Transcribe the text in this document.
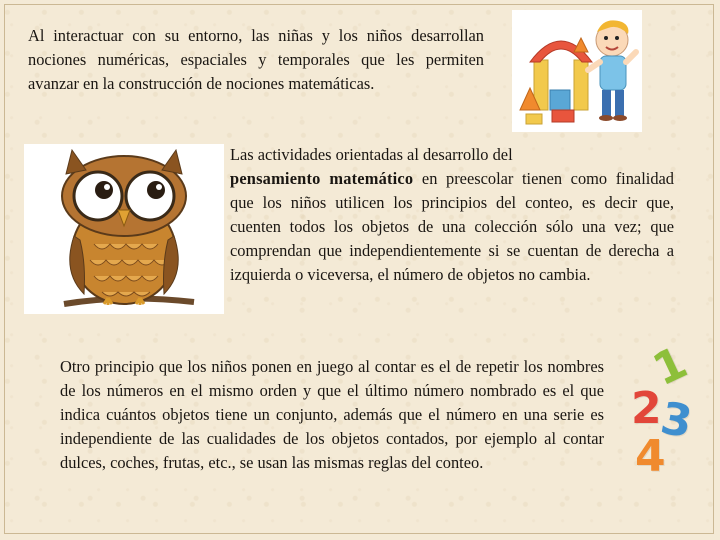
Al interactuar con su entorno, las niñas y los niños desarrollan nociones numéricas, espaciales y temporales que les permiten avanzar en la construcción de nociones matemáticas.

Las actividades orientadas al desarrollo del
pensamiento matemático en preescolar tienen como finalidad que los niños utilicen los principios del conteo, es decir que, cuenten todos los objetos de una colección sólo una vez; que comprendan que independientemente si se cuentan de derecha a izquierda o viceversa, el número de objetos no cambia.

Otro principio que los niños ponen en juego al contar es el de repetir los nombres de los números en el mismo orden y que el último número nombrado es el que indica cuántos objetos tiene un conjunto, además que el número en una serie es independiente de las cualidades de los objetos contados, por ejemplo al contar dulces, coches, frutas, etc., se usan las mismas reglas del conteo.

1
2
3
4
